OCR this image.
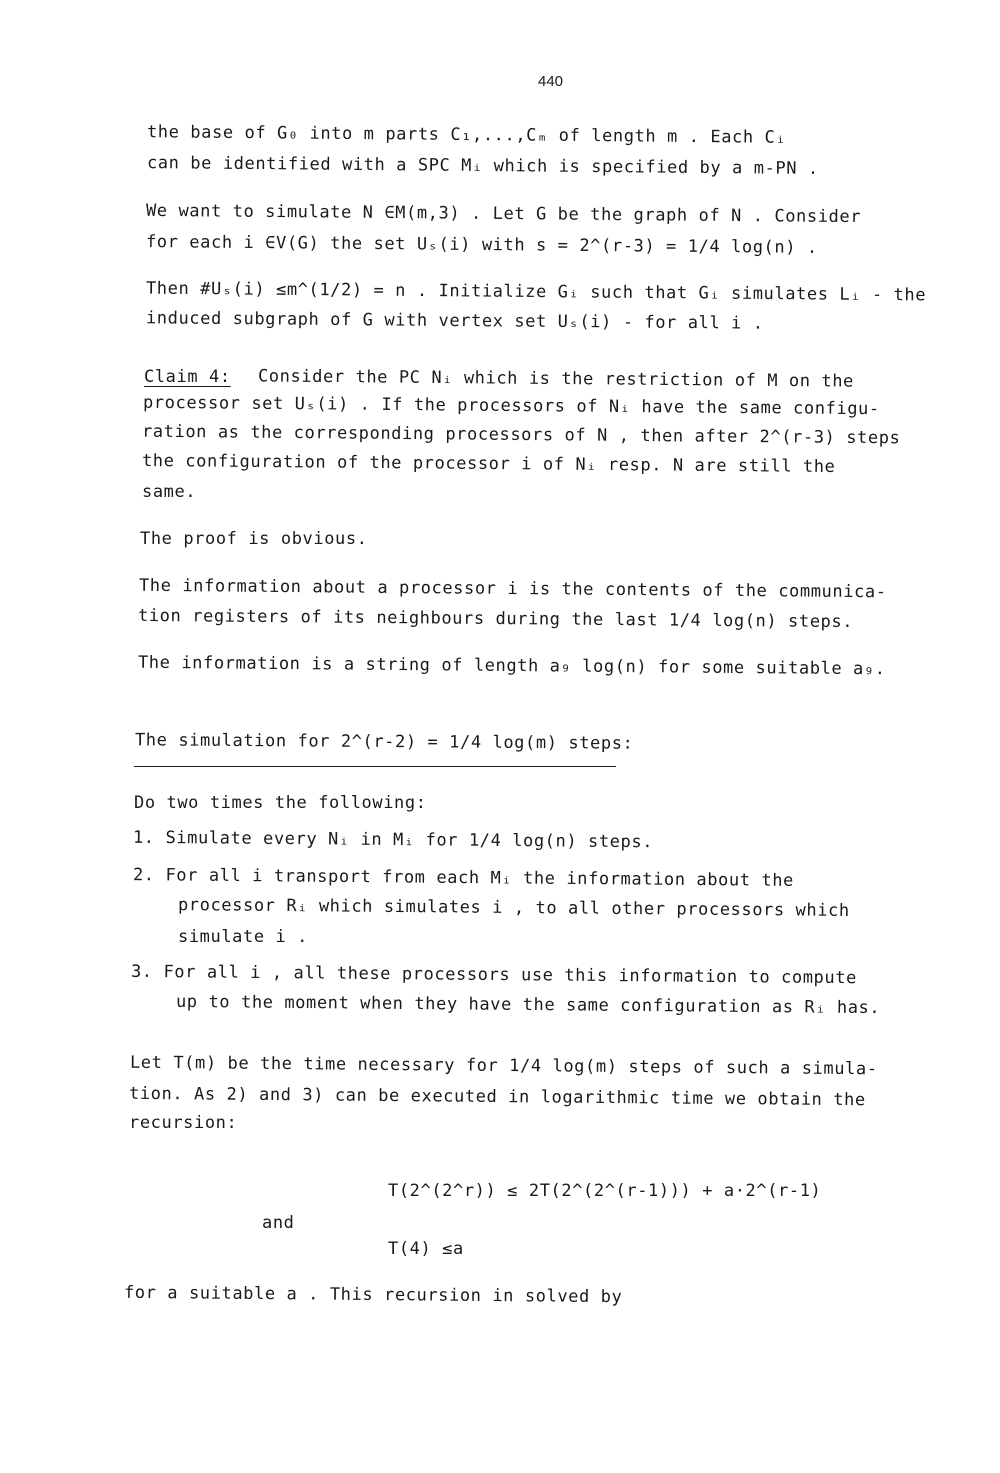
440
the base of G₀ into m parts C₁,...,Cₘ of length m . Each Cᵢ
can be identified with a SPC Mᵢ which is specified by a m-PN .
We want to simulate N ∈M(m,3) . Let G be the graph of N . Consider
for each i ∈V(G) the set Uₛ(i) with s = 2^(r-3) = 1/4 log(n) .
Then #Uₛ(i) ≤m^(1/2) = n . Initialize Gᵢ such that Gᵢ simulates Lᵢ - the
induced subgraph of G with vertex set Uₛ(i) - for all i .
Claim 4: Consider the PC Nᵢ which is the restriction of M on the
processor set Uₛ(i) . If the processors of Nᵢ have the same configu-
ration as the corresponding processors of N , then after 2^(r-3) steps
the configuration of the processor i of Nᵢ resp. N are still the
same.
The proof is obvious.
The information about a processor i is the contents of the communica-
tion registers of its neighbours during the last 1/4 log(n) steps.
The information is a string of length a₉ log(n) for some suitable a₉.
The simulation for 2^(r-2) = 1/4 log(m) steps:
Do two times the following:
1. Simulate every Nᵢ in Mᵢ for 1/4 log(n) steps.
2. For all i transport from each Mᵢ the information about the
processor Rᵢ which simulates i , to all other processors which
simulate i .
3. For all i , all these processors use this information to compute
up to the moment when they have the same configuration as Rᵢ has.
Let T(m) be the time necessary for 1/4 log(m) steps of such a simula-
tion. As 2) and 3) can be executed in logarithmic time we obtain the
recursion:
T(2^(2^r)) ≤ 2T(2^(2^(r-1))) + a·2^(r-1)
and
T(4) ≤a
for a suitable a . This recursion in solved by
